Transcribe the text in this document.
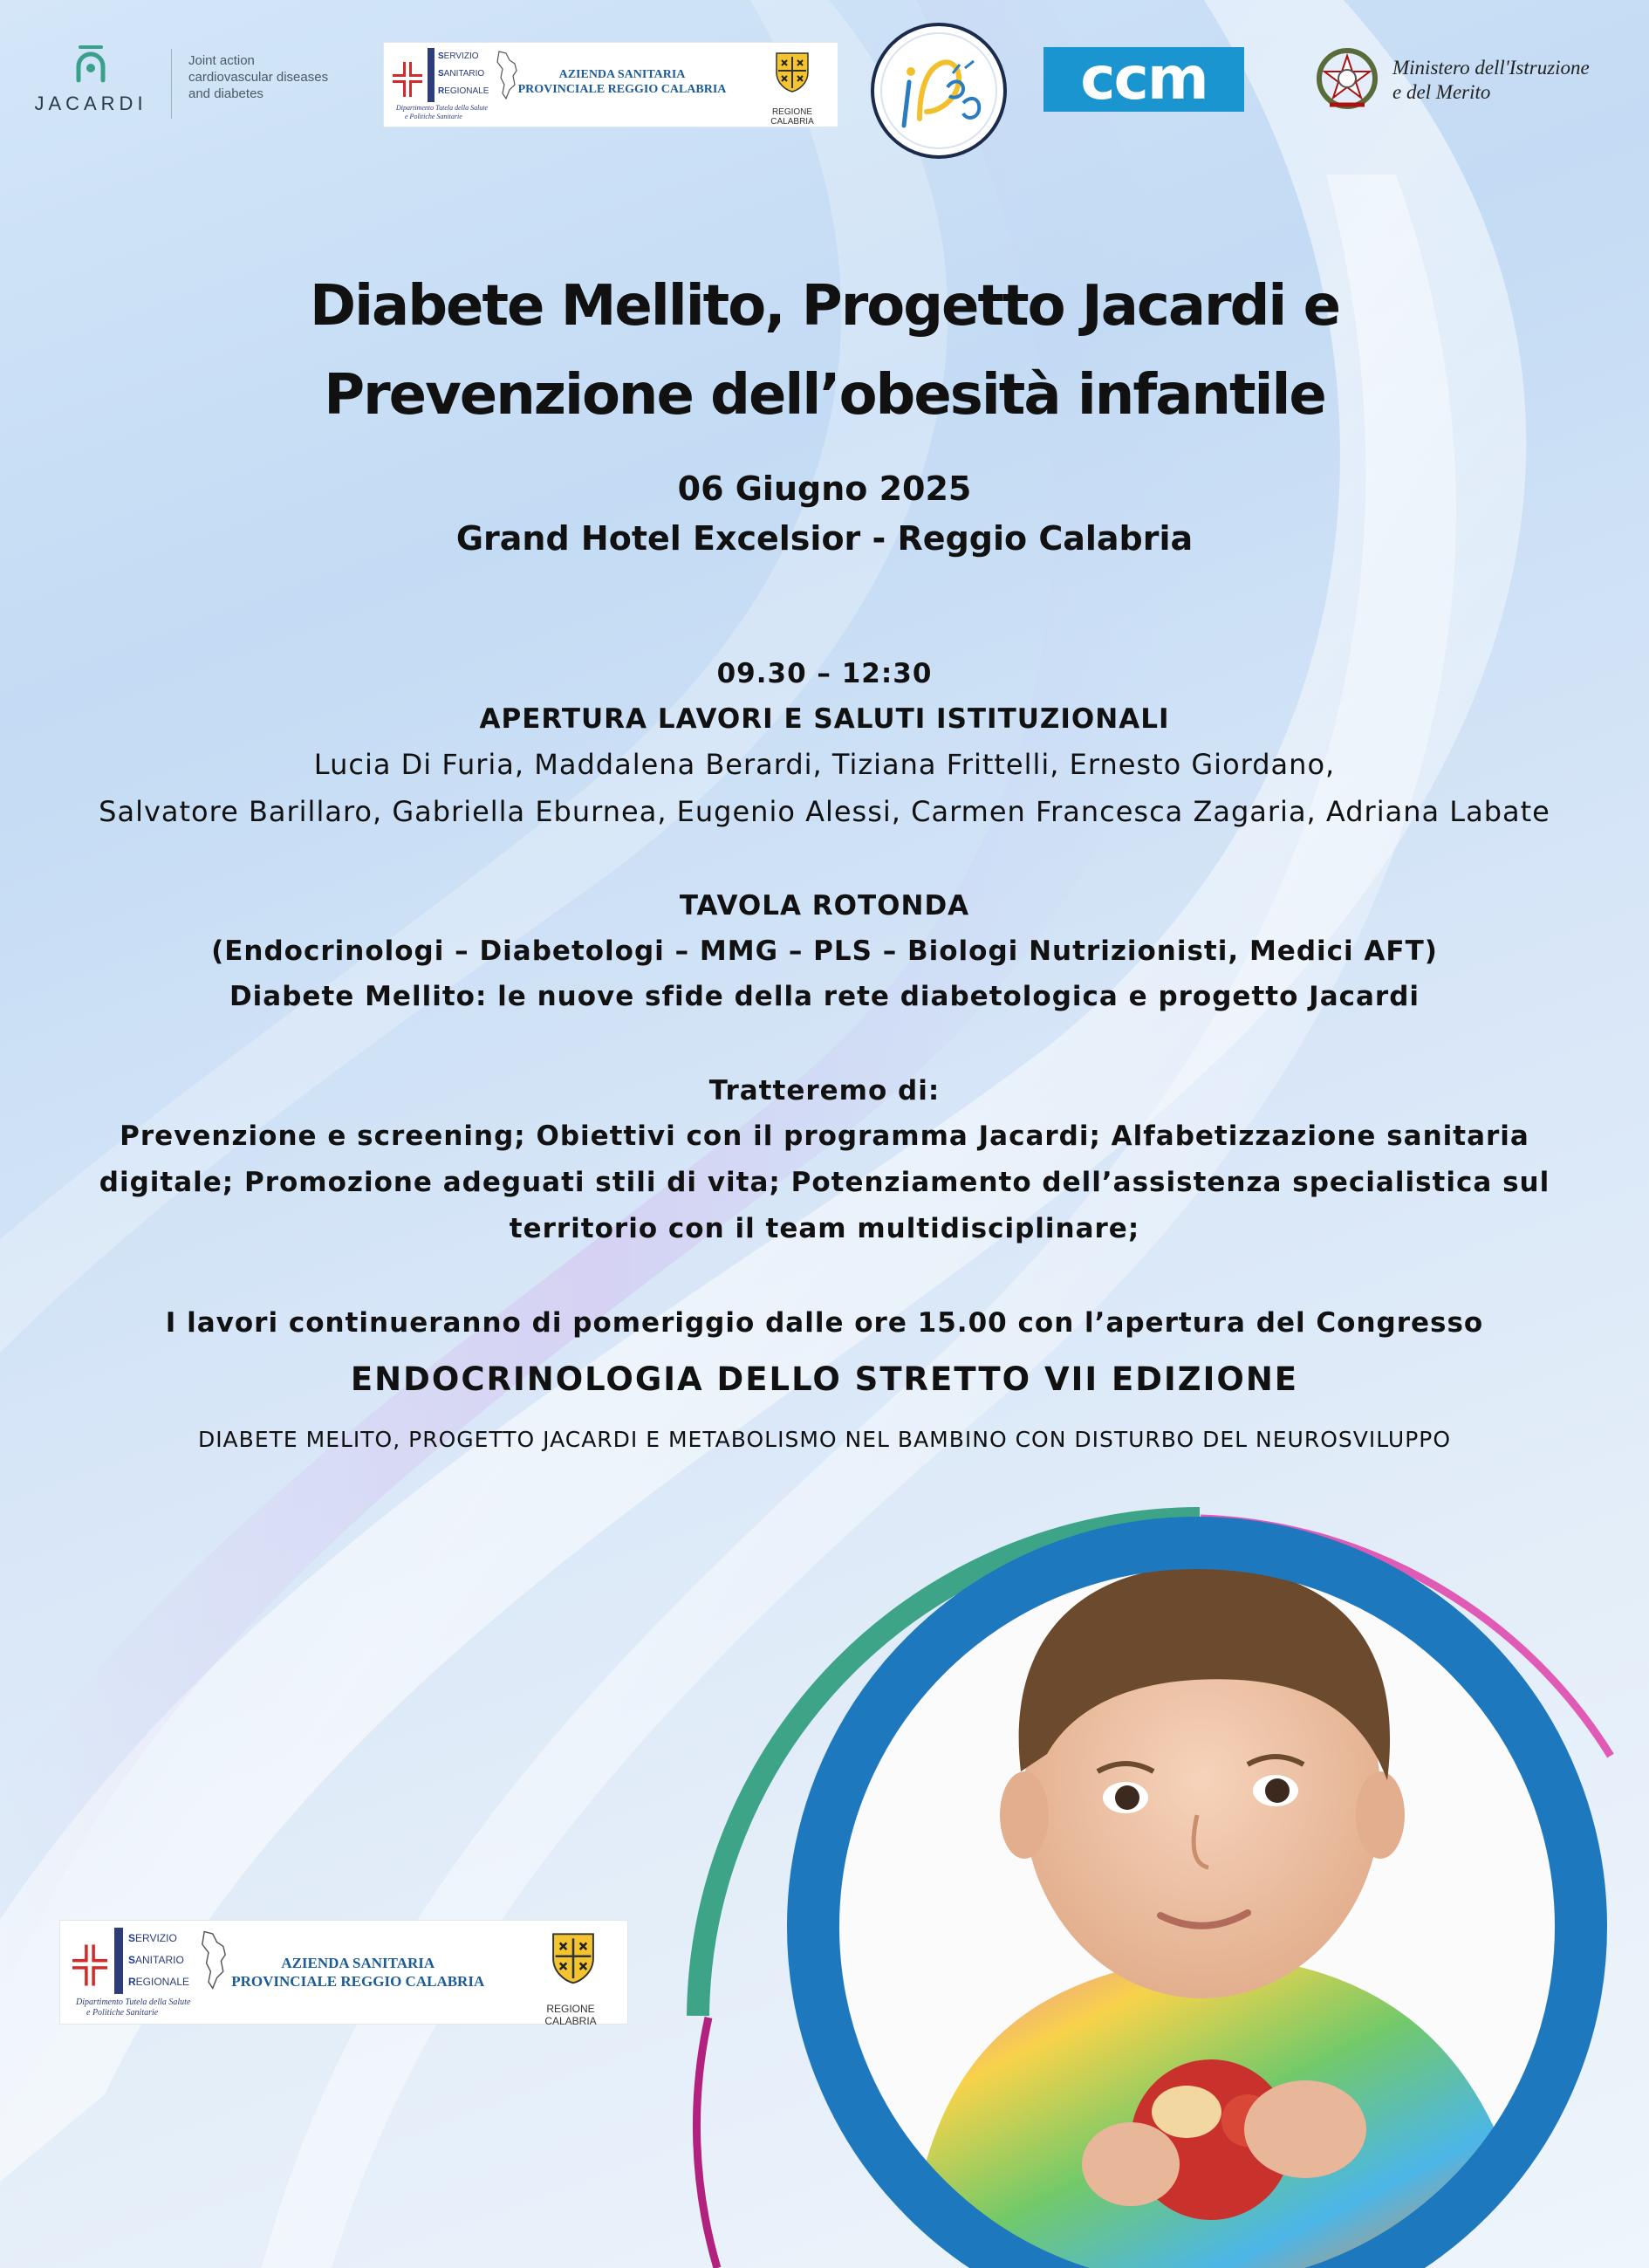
JACARDI
Joint action
cardiovascular diseases
and diabetes
SERVIZIO
SANITARIO
REGIONALE
Dipartimento Tutela della Salute
e Politiche Sanitarie
AZIENDA SANITARIA
PROVINCIALE REGGIO CALABRIA
REGIONE CALABRIA
ccm	Ministero dell'Istruzione
e del Merito
Diabete Mellito, Progetto Jacardi e
Prevenzione dell’obesità infantile
06 Giugno 2025
Grand Hotel Excelsior - Reggio Calabria
09.30 – 12:30
APERTURA LAVORI E SALUTI ISTITUZIONALI
Lucia Di Furia, Maddalena Berardi, Tiziana Frittelli, Ernesto Giordano,
Salvatore Barillaro, Gabriella Eburnea, Eugenio Alessi, Carmen Francesca Zagaria, Adriana Labate
TAVOLA ROTONDA
(Endocrinologi – Diabetologi – MMG – PLS – Biologi Nutrizionisti, Medici AFT)
Diabete Mellito: le nuove sfide della rete diabetologica e progetto Jacardi
Tratteremo di:
Prevenzione e screening; Obiettivi con il programma Jacardi; Alfabetizzazione sanitaria digitale; Promozione adeguati stili di vita; Potenziamento dell’assistenza specialistica sul territorio con il team multidisciplinare;
I lavori continueranno di pomeriggio dalle ore 15.00 con l’apertura del Congresso
ENDOCRINOLOGIA DELLO STRETTO VII EDIZIONE
DIABETE MELITO, PROGETTO JACARDI E METABOLISMO NEL BAMBINO CON DISTURBO DEL NEUROSVILUPPO
SERVIZIO
SANITARIO
REGIONALE
Dipartimento Tutela della Salute
e Politiche Sanitarie
AZIENDA SANITARIA
PROVINCIALE REGGIO CALABRIA
REGIONE CALABRIA
